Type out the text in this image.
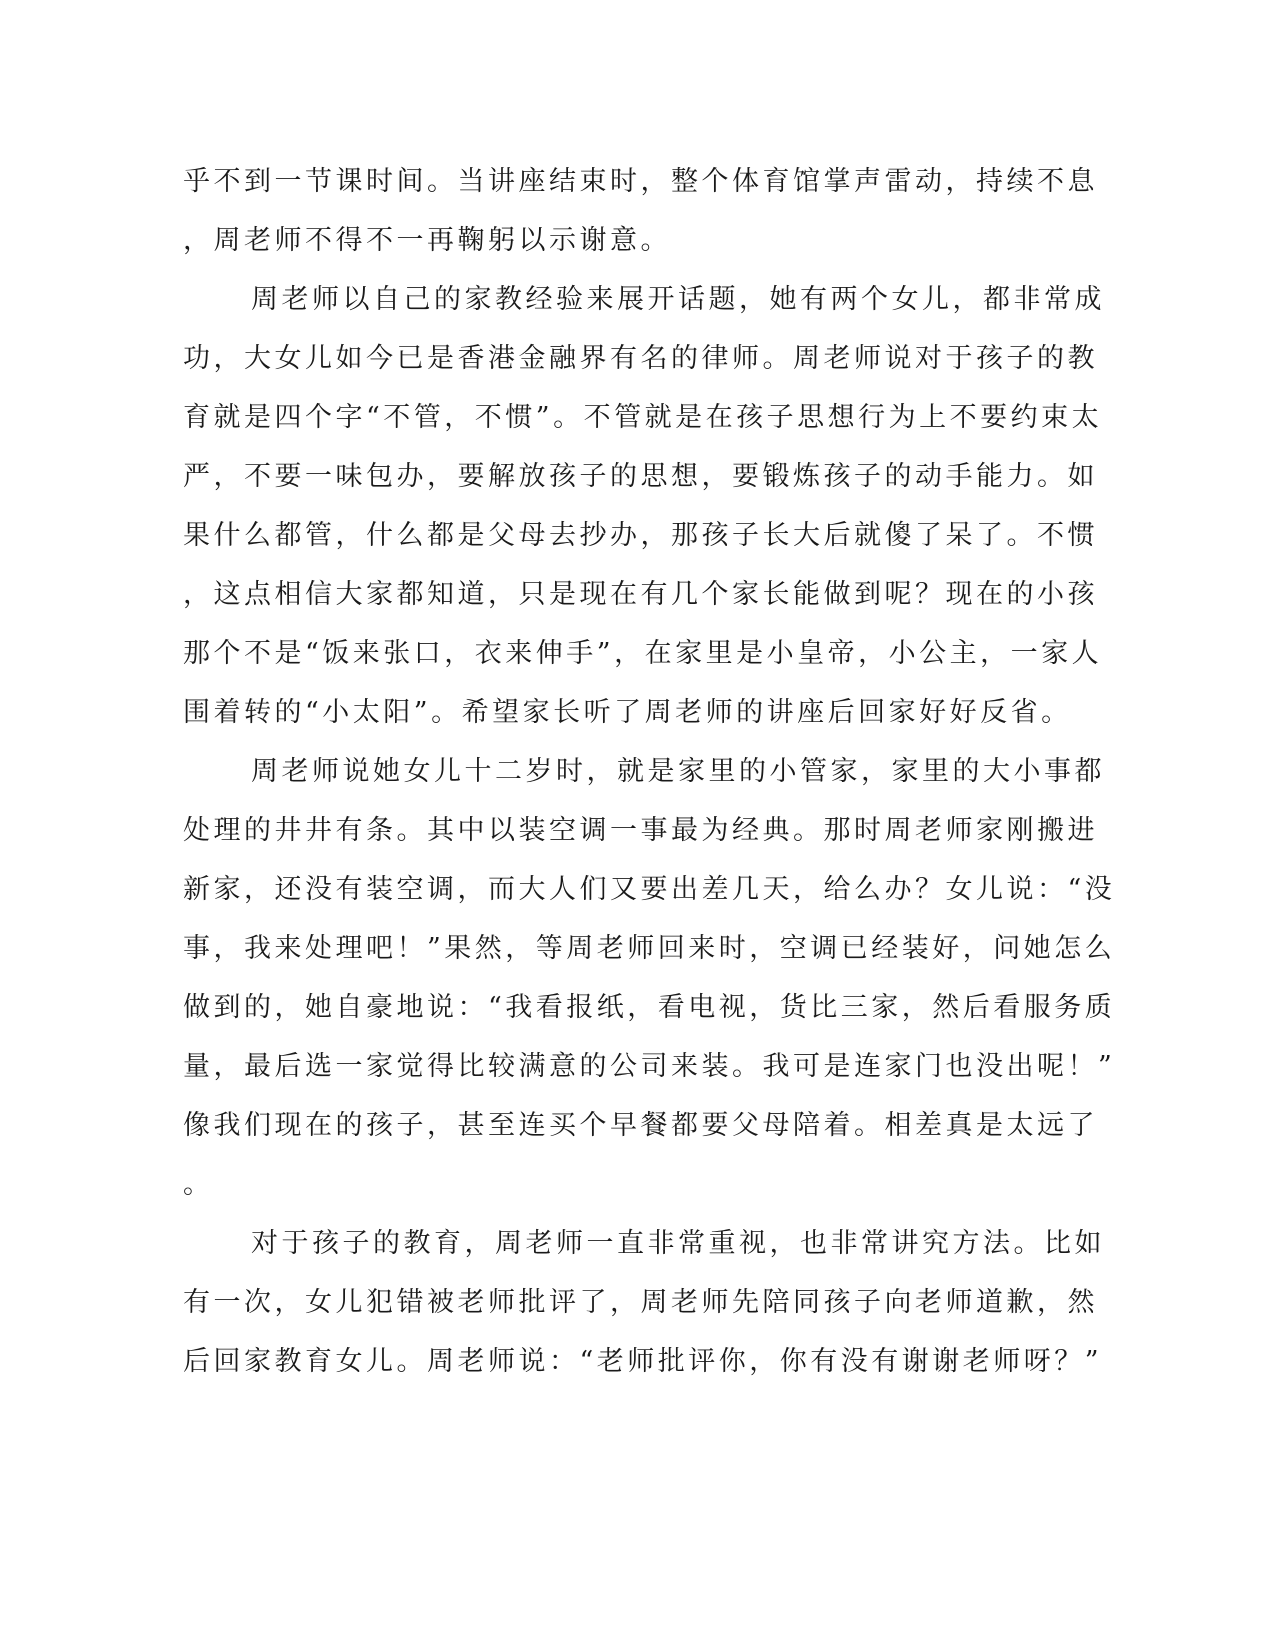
乎不到一节课时间。当讲座结束时，整个体育馆掌声雷动，持续不息
，周老师不得不一再鞠躬以示谢意。
周老师以自己的家教经验来展开话题，她有两个女儿，都非常成
功，大女儿如今已是香港金融界有名的律师。周老师说对于孩子的教
育就是四个字“不管，不惯”。不管就是在孩子思想行为上不要约束太
严，不要一味包办，要解放孩子的思想，要锻炼孩子的动手能力。如
果什么都管，什么都是父母去抄办，那孩子长大后就傻了呆了。不惯
，这点相信大家都知道，只是现在有几个家长能做到呢？现在的小孩
那个不是“饭来张口，衣来伸手”，在家里是小皇帝，小公主，一家人
围着转的“小太阳”。希望家长听了周老师的讲座后回家好好反省。
周老师说她女儿十二岁时，就是家里的小管家，家里的大小事都
处理的井井有条。其中以装空调一事最为经典。那时周老师家刚搬进
新家，还没有装空调，而大人们又要出差几天，给么办？女儿说：“没
事，我来处理吧！”果然，等周老师回来时，空调已经装好，问她怎么
做到的，她自豪地说：“我看报纸，看电视，货比三家，然后看服务质
量，最后选一家觉得比较满意的公司来装。我可是连家门也没出呢！”
像我们现在的孩子，甚至连买个早餐都要父母陪着。相差真是太远了
。
对于孩子的教育，周老师一直非常重视，也非常讲究方法。比如
有一次，女儿犯错被老师批评了，周老师先陪同孩子向老师道歉，然
后回家教育女儿。周老师说：“老师批评你，你有没有谢谢老师呀？”
